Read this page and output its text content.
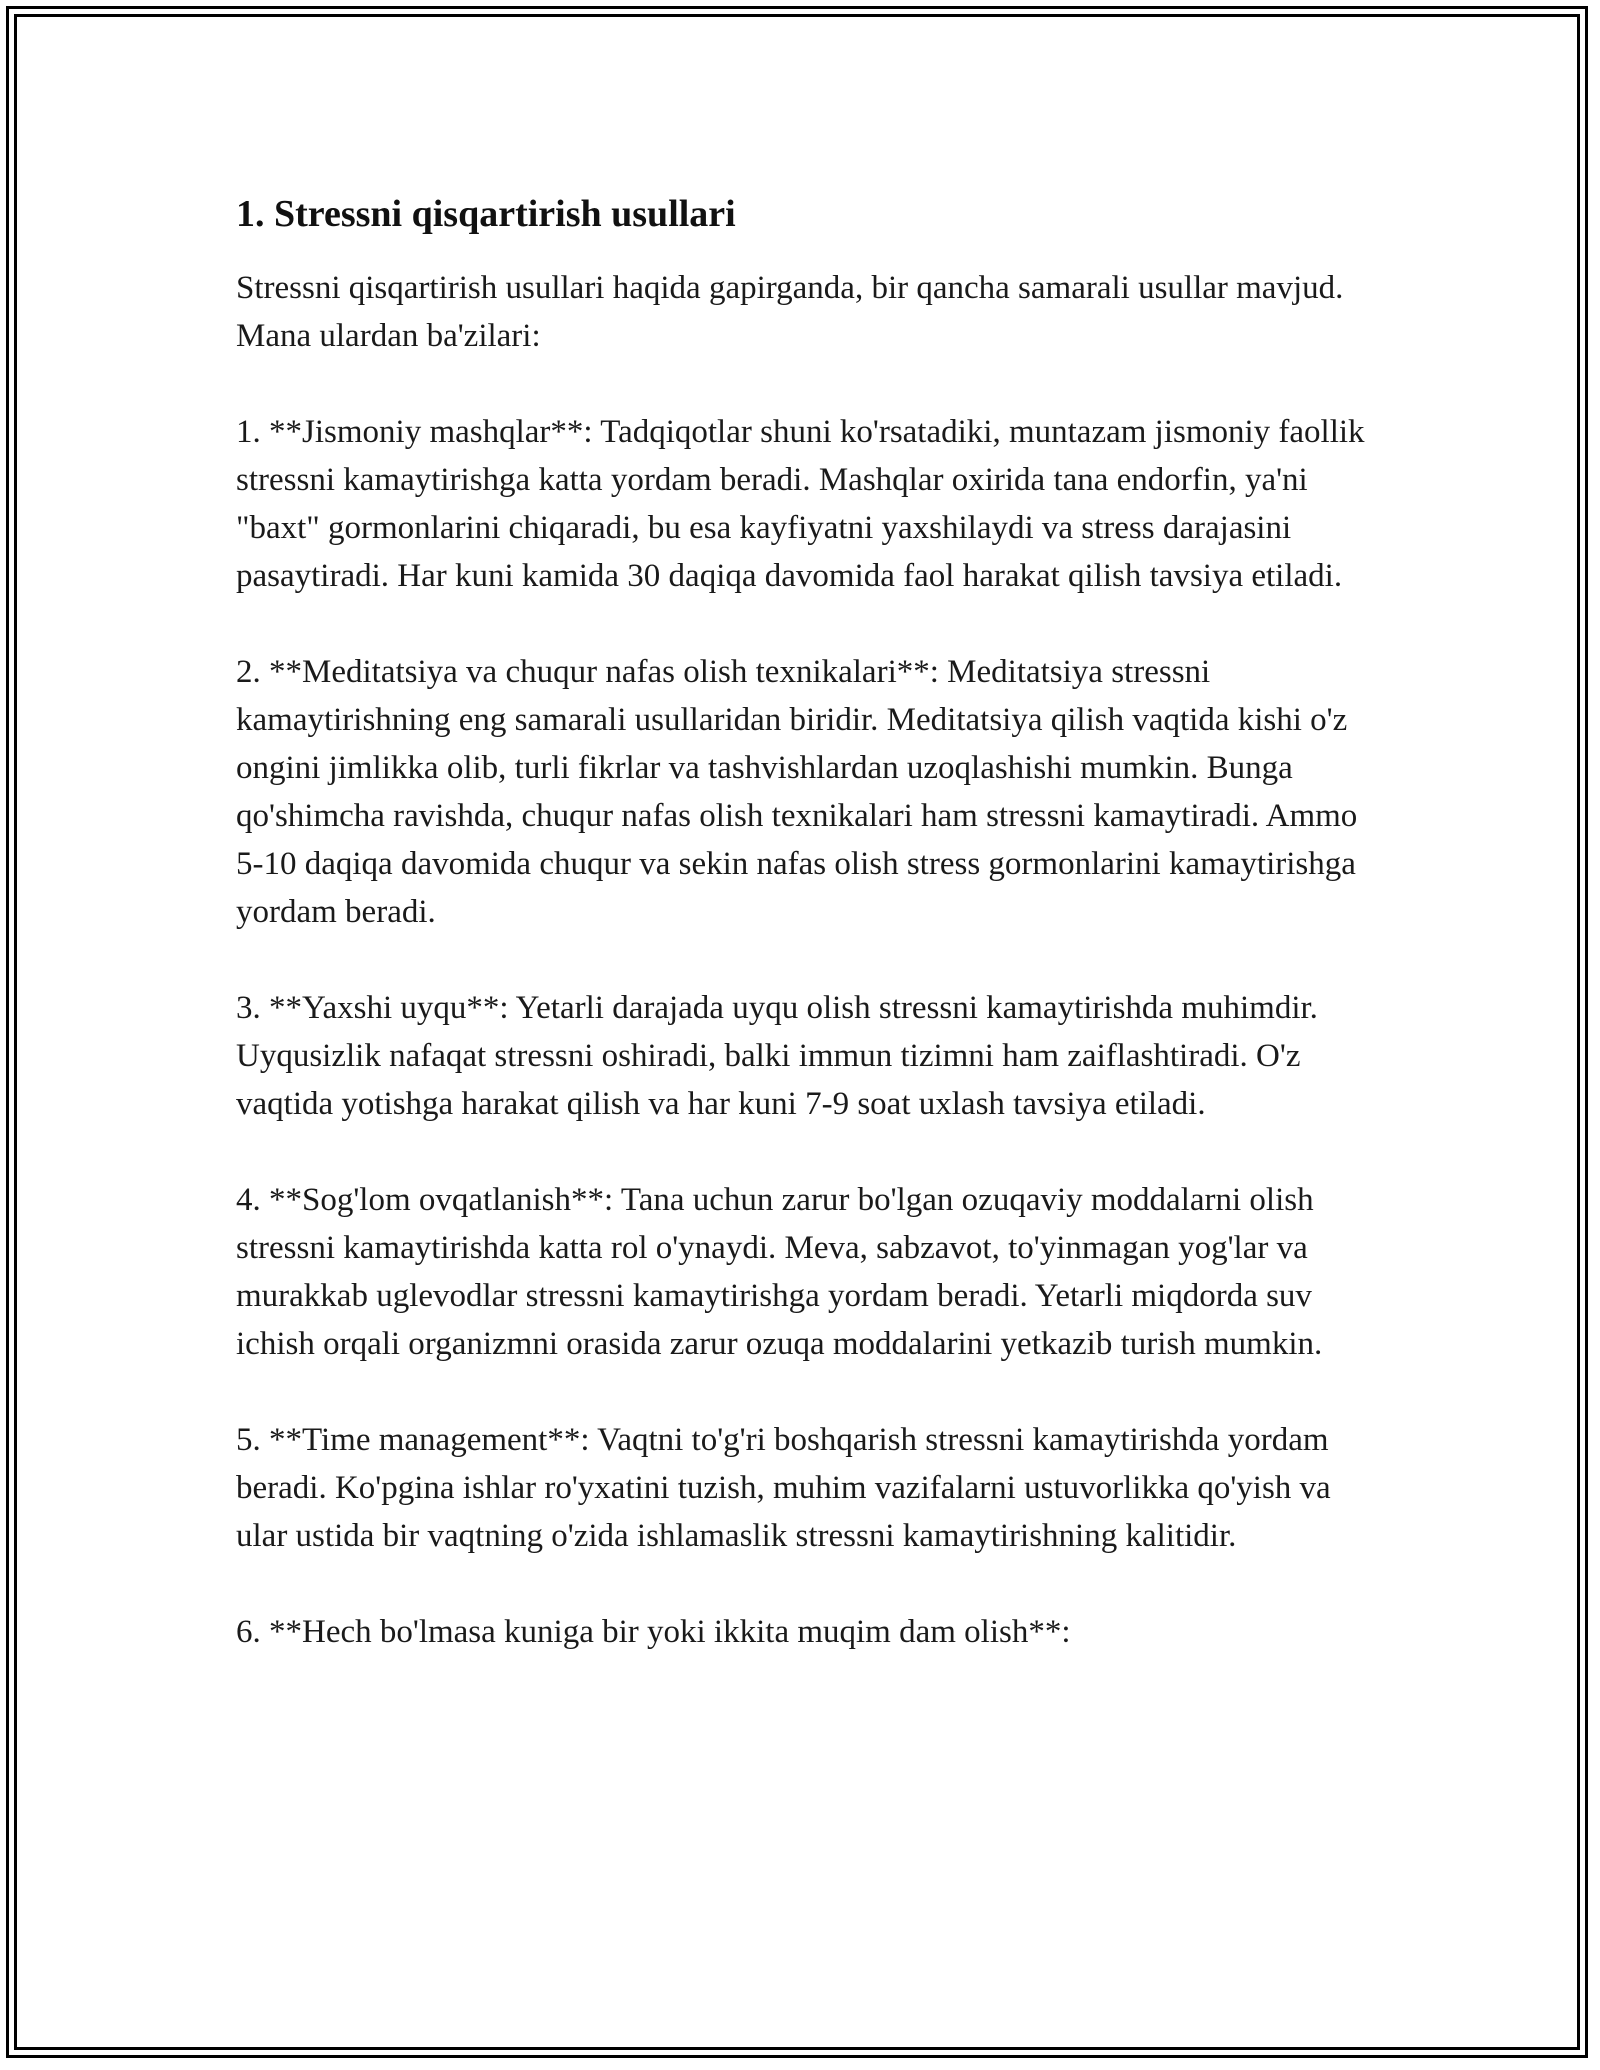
1. Stressni qisqartirish usullari

Stressni qisqartirish usullari haqida gapirganda, bir qancha samarali usullar mavjud. Mana ulardan ba'zilari:

1. **Jismoniy mashqlar**: Tadqiqotlar shuni ko'rsatadiki, muntazam jismoniy faollik stressni kamaytirishga katta yordam beradi. Mashqlar oxirida tana endorfin, ya'ni "baxt" gormonlarini chiqaradi, bu esa kayfiyatni yaxshilaydi va stress darajasini pasaytiradi. Har kuni kamida 30 daqiqa davomida faol harakat qilish tavsiya etiladi.

2. **Meditatsiya va chuqur nafas olish texnikalari**: Meditatsiya stressni kamaytirishning eng samarali usullaridan biridir. Meditatsiya qilish vaqtida kishi o'z ongini jimlikka olib, turli fikrlar va tashvishlardan uzoqlashishi mumkin. Bunga qo'shimcha ravishda, chuqur nafas olish texnikalari ham stressni kamaytiradi. Ammo 5-10 daqiqa davomida chuqur va sekin nafas olish stress gormonlarini kamaytirishga yordam beradi.

3. **Yaxshi uyqu**: Yetarli darajada uyqu olish stressni kamaytirishda muhimdir. Uyqusizlik nafaqat stressni oshiradi, balki immun tizimni ham zaiflashtiradi. O'z vaqtida yotishga harakat qilish va har kuni 7-9 soat uxlash tavsiya etiladi.

4. **Sog'lom ovqatlanish**: Tana uchun zarur bo'lgan ozuqaviy moddalarni olish stressni kamaytirishda katta rol o'ynaydi. Meva, sabzavot, to'yinmagan yog'lar va murakkab uglevodlar stressni kamaytirishga yordam beradi. Yetarli miqdorda suv ichish orqali organizmni orasida zarur ozuqa moddalarini yetkazib turish mumkin.

5. **Time management**: Vaqtni to'g'ri boshqarish stressni kamaytirishda yordam beradi. Ko'pgina ishlar ro'yxatini tuzish, muhim vazifalarni ustuvorlikka qo'yish va ular ustida bir vaqtning o'zida ishlamaslik stressni kamaytirishning kalitidir.

6. **Hech bo'lmasa kuniga bir yoki ikkita muqim dam olish**:
